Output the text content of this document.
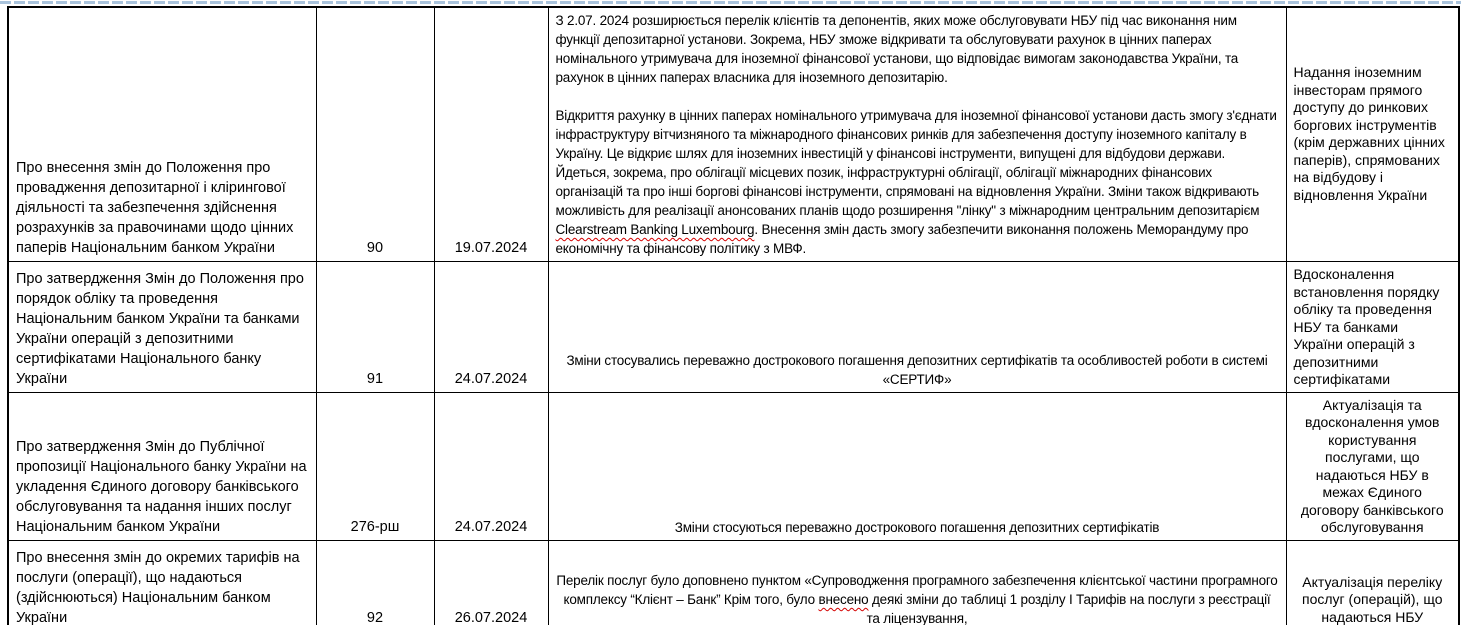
Про внесення змін до Положення про провадження депозитарної і клірингової діяльності та забезпечення здійснення розрахунків за правочинами щодо цінних паперів Національним банком України	90	19.07.2024	З 2.07. 2024 розширюється перелік клієнтів та депонентів, яких може обслуговувати НБУ під час виконання ним функції депозитарної установи. Зокрема, НБУ зможе відкривати та обслуговувати рахунок в цінних паперах номінального утримувача для іноземної фінансової установи, що відповідає вимогам законодавства України, та рахунок в цінних паперах власника для іноземного депозитарію.

Відкриття рахунку в цінних паперах номінального утримувача для іноземної фінансової установи дасть змогу з'єднати інфраструктуру вітчизняного та міжнародного фінансових ринків для забезпечення доступу іноземного капіталу в Україну. Це відкриє шлях для іноземних інвестицій у фінансові інструменти, випущені для відбудови держави. Йдеться, зокрема, про облігації місцевих позик, інфраструктурні облігації, облігації міжнародних фінансових організацій та про інші боргові фінансові інструменти, спрямовані на відновлення України. Зміни також відкривають можливість для реалізації анонсованих планів щодо розширення "лінку" з міжнародним центральним депозитарієм Clearstream Banking Luxembourg. Внесення змін дасть змогу забезпечити виконання положень Меморандуму про економічну та фінансову політику з МВФ.	Надання іноземним інвесторам прямого доступу до ринкових боргових інструментів (крім державних цінних паперів), спрямованих на відбудову і відновлення України

Про затвердження Змін до Положення про порядок обліку та проведення Національним банком України та банками України операцій з депозитними сертифікатами Національного банку України	91	24.07.2024	Зміни стосувались переважно дострокового погашення депозитних сертифікатів та особливостей роботи в системі «СЕРТИФ»	Вдосконалення встановлення порядку обліку та проведення НБУ та банками України операцій з депозитними сертифікатами

Про затвердження Змін до Публічної пропозиції Національного банку України на укладення Єдиного договору банківського обслуговування та надання інших послуг Національним банком України	276-рш	24.07.2024	Зміни стосуються переважно дострокового погашення депозитних сертифікатів	Актуалізація та вдосконалення умов користування послугами, що надаються НБУ в межах Єдиного договору банківського обслуговування

Про внесення змін до окремих тарифів на послуги (операції), що надаються (здійснюються) Національним банком України	92	26.07.2024	Перелік послуг було доповнено пунктом «Супроводження програмного забезпечення клієнтської частини програмного комплексу “Клієнт – Банк” Крім того, було внесено деякі зміни до таблиці 1 розділу І Тарифів на послуги з реєстрації та ліцензування,	Актуалізація переліку послуг (операцій), що надаються НБУ
